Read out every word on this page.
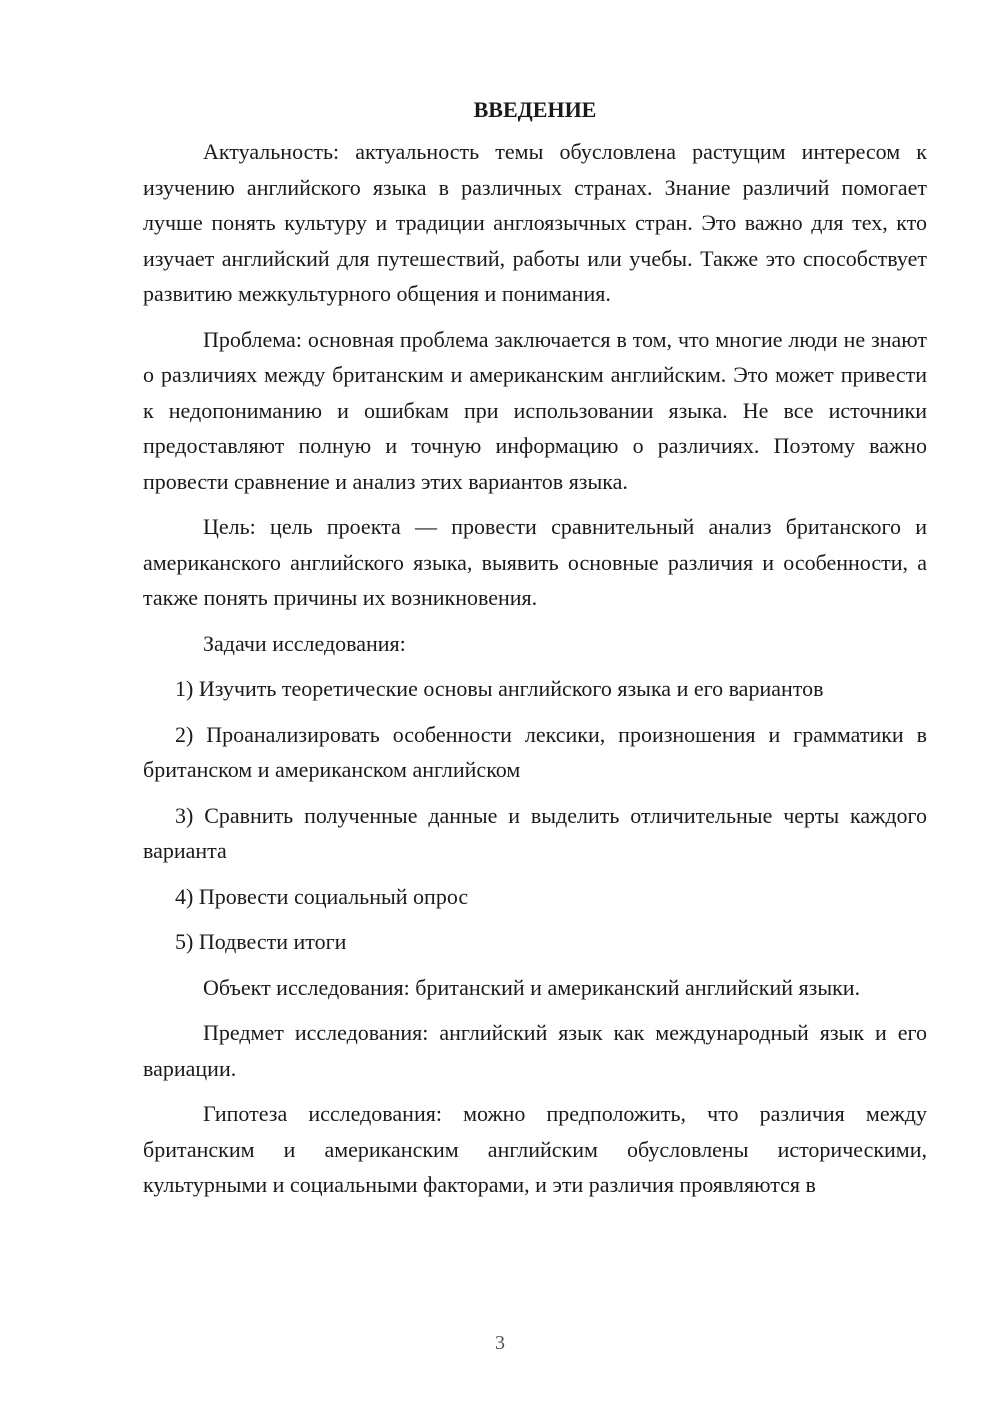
ВВЕДЕНИЕ

Актуальность: актуальность темы обусловлена растущим интересом к изучению английского языка в различных странах. Знание различий помогает лучше понять культуру и традиции англоязычных стран. Это важно для тех, кто изучает английский для путешествий, работы или учебы. Также это способствует развитию межкультурного общения и понимания.

Проблема: основная проблема заключается в том, что многие люди не знают о различиях между британским и американским английским. Это может привести к недопониманию и ошибкам при использовании языка. Не все источники предоставляют полную и точную информацию о различиях. Поэтому важно провести сравнение и анализ этих вариантов языка.

Цель: цель проекта — провести сравнительный анализ британского и американского английского языка, выявить основные различия и особенности, а также понять причины их возникновения.

Задачи исследования:

1) Изучить теоретические основы английского языка и его вариантов

2) Проанализировать особенности лексики, произношения и грамматики в британском и американском английском

3) Сравнить полученные данные и выделить отличительные черты каждого варианта

4) Провести социальный опрос

5) Подвести итоги

Объект исследования: британский и американский английский языки.

Предмет исследования: английский язык как международный язык и его вариации.

Гипотеза исследования: можно предположить, что различия между британским и американским английским обусловлены историческими, культурными и социальными факторами, и эти различия проявляются в

3
